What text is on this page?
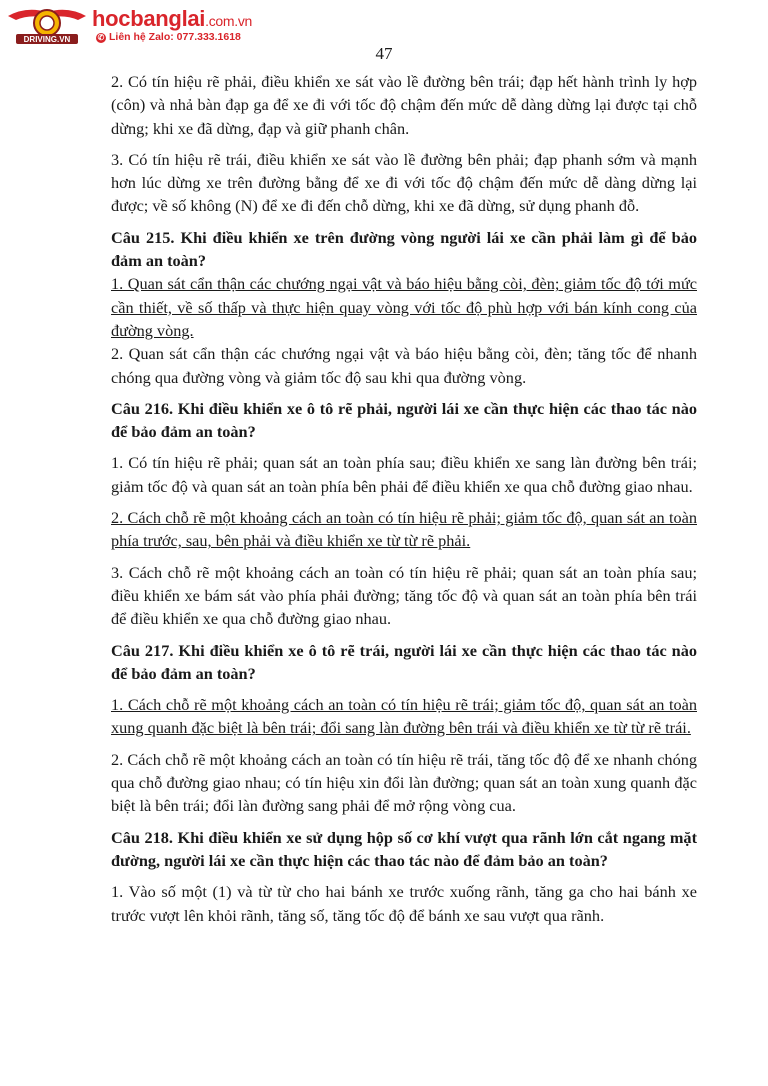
DRIVING.VN
hocbanglai.com.vn
✆ Liên hệ Zalo: 077.333.1618
47

2. Có tín hiệu rẽ phải, điều khiển xe sát vào lề đường bên trái; đạp hết hành trình ly hợp (côn) và nhả bàn đạp ga để xe đi với tốc độ chậm đến mức dễ dàng dừng lại được tại chỗ dừng; khi xe đã dừng, đạp và giữ phanh chân.

3. Có tín hiệu rẽ trái, điều khiển xe sát vào lề đường bên phải; đạp phanh sớm và mạnh hơn lúc dừng xe trên đường bằng để xe đi với tốc độ chậm đến mức dễ dàng dừng lại được; về số không (N) để xe đi đến chỗ dừng, khi xe đã dừng, sử dụng phanh đỗ.

Câu 215. Khi điều khiển xe trên đường vòng người lái xe cần phải làm gì để bảo đảm an toàn?

1. Quan sát cẩn thận các chướng ngại vật và báo hiệu bằng còi, đèn; giảm tốc độ tới mức cần thiết, về số thấp và thực hiện quay vòng với tốc độ phù hợp với bán kính cong của đường vòng.

2. Quan sát cẩn thận các chướng ngại vật và báo hiệu bằng còi, đèn; tăng tốc để nhanh chóng qua đường vòng và giảm tốc độ sau khi qua đường vòng.

Câu 216. Khi điều khiển xe ô tô rẽ phải, người lái xe cần thực hiện các thao tác nào để bảo đảm an toàn?

1. Có tín hiệu rẽ phải; quan sát an toàn phía sau; điều khiển xe sang làn đường bên trái; giảm tốc độ và quan sát an toàn phía bên phải để điều khiển xe qua chỗ đường giao nhau.

2. Cách chỗ rẽ một khoảng cách an toàn có tín hiệu rẽ phải; giảm tốc độ, quan sát an toàn phía trước, sau, bên phải và điều khiển xe từ từ rẽ phải.

3. Cách chỗ rẽ một khoảng cách an toàn có tín hiệu rẽ phải; quan sát an toàn phía sau; điều khiển xe bám sát vào phía phải đường; tăng tốc độ và quan sát an toàn phía bên trái để điều khiển xe qua chỗ đường giao nhau.

Câu 217. Khi điều khiển xe ô tô rẽ trái, người lái xe cần thực hiện các thao tác nào để bảo đảm an toàn?

1. Cách chỗ rẽ một khoảng cách an toàn có tín hiệu rẽ trái; giảm tốc độ, quan sát an toàn xung quanh đặc biệt là bên trái; đổi sang làn đường bên trái và điều khiển xe từ từ rẽ trái.

2. Cách chỗ rẽ một khoảng cách an toàn có tín hiệu rẽ trái, tăng tốc độ để xe nhanh chóng qua chỗ đường giao nhau; có tín hiệu xin đổi làn đường; quan sát an toàn xung quanh đặc biệt là bên trái; đổi làn đường sang phải để mở rộng vòng cua.

Câu 218. Khi điều khiển xe sử dụng hộp số cơ khí vượt qua rãnh lớn cắt ngang mặt đường, người lái xe cần thực hiện các thao tác nào để đảm bảo an toàn?

1. Vào số một (1) và từ từ cho hai bánh xe trước xuống rãnh, tăng ga cho hai bánh xe trước vượt lên khỏi rãnh, tăng số, tăng tốc độ để bánh xe sau vượt qua rãnh.
